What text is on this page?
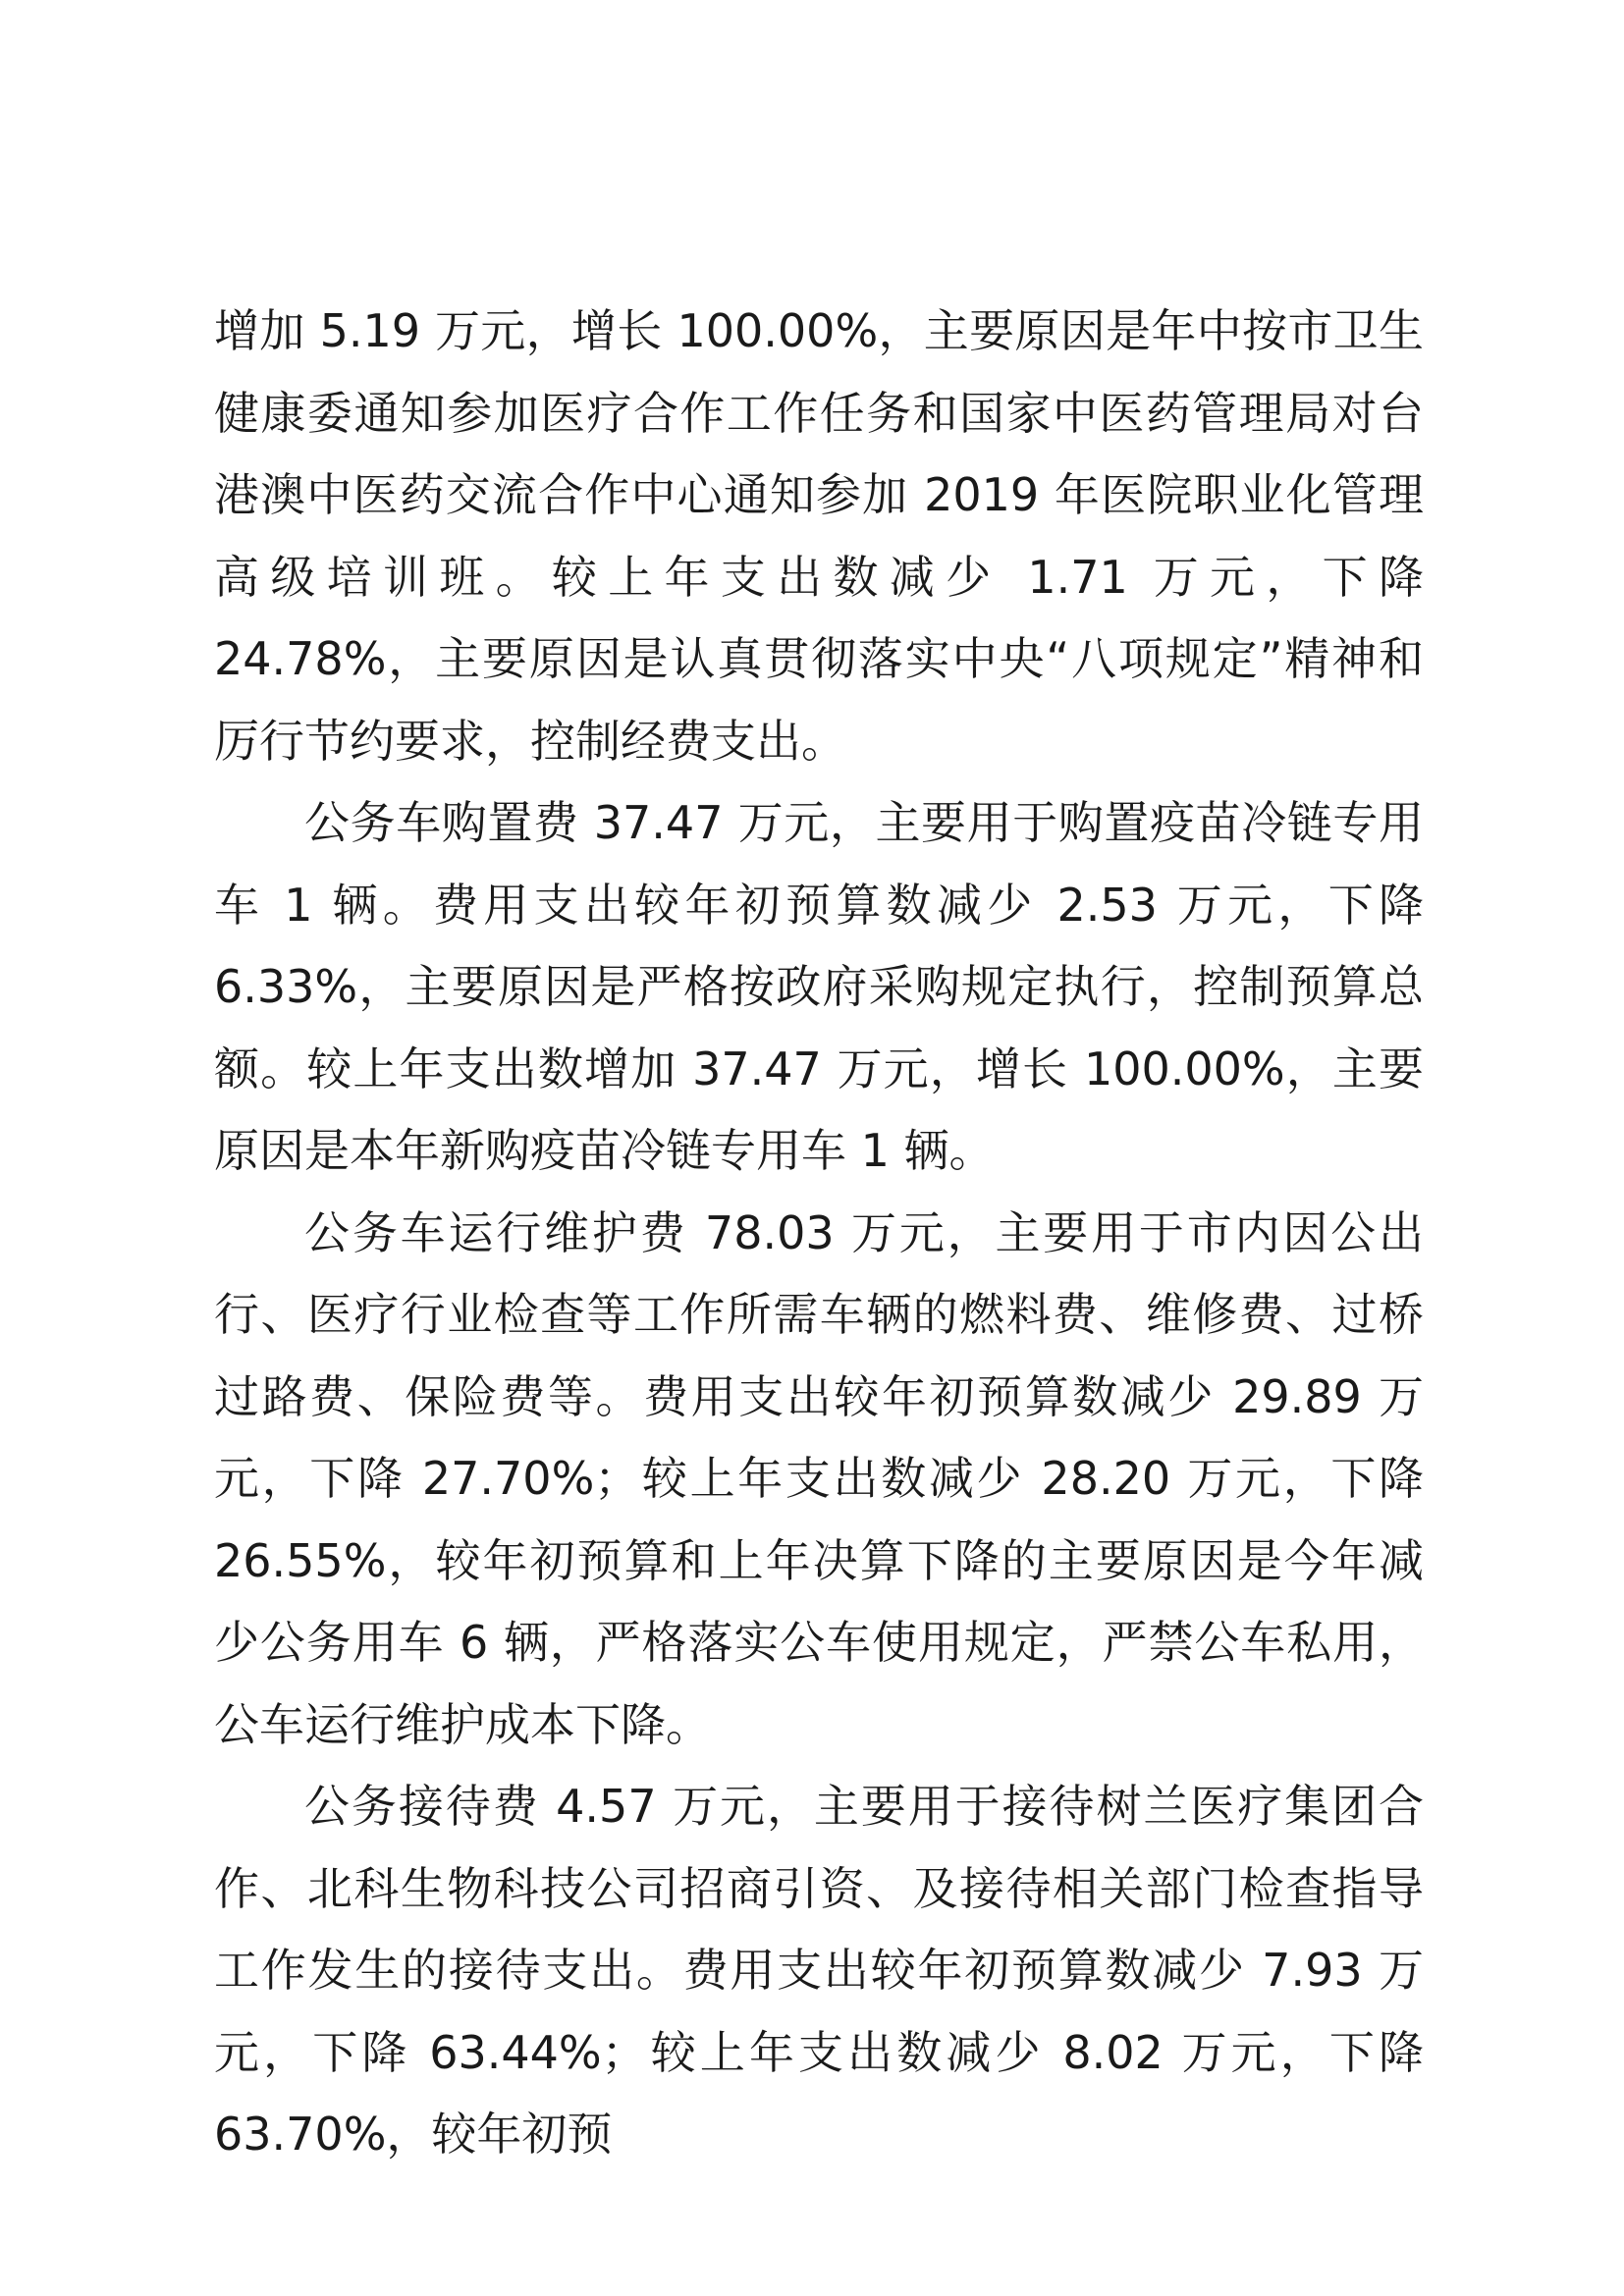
增加 5.19 万元，增长 100.00%，主要原因是年中按市卫生健康委通知参加医疗合作工作任务和国家中医药管理局对台港澳中医药交流合作中心通知参加 2019 年医院职业化管理高级培训班。较上年支出数减少 1.71 万元，下降 24.78%，主要原因是认真贯彻落实中央“八项规定”精神和厉行节约要求，控制经费支出。

公务车购置费 37.47 万元，主要用于购置疫苗冷链专用车 1 辆。费用支出较年初预算数减少 2.53 万元，下降 6.33%，主要原因是严格按政府采购规定执行，控制预算总额。较上年支出数增加 37.47 万元，增长 100.00%，主要原因是本年新购疫苗冷链专用车 1 辆。

公务车运行维护费 78.03 万元，主要用于市内因公出行、医疗行业检查等工作所需车辆的燃料费、维修费、过桥过路费、保险费等。费用支出较年初预算数减少 29.89 万元，下降 27.70%；较上年支出数减少 28.20 万元，下降 26.55%，较年初预算和上年决算下降的主要原因是今年减少公务用车 6 辆，严格落实公车使用规定，严禁公车私用，公车运行维护成本下降。

公务接待费 4.57 万元，主要用于接待树兰医疗集团合作、北科生物科技公司招商引资、及接待相关部门检查指导工作发生的接待支出。费用支出较年初预算数减少 7.93 万元，下降 63.44%；较上年支出数减少 8.02 万元，下降 63.70%，较年初预
